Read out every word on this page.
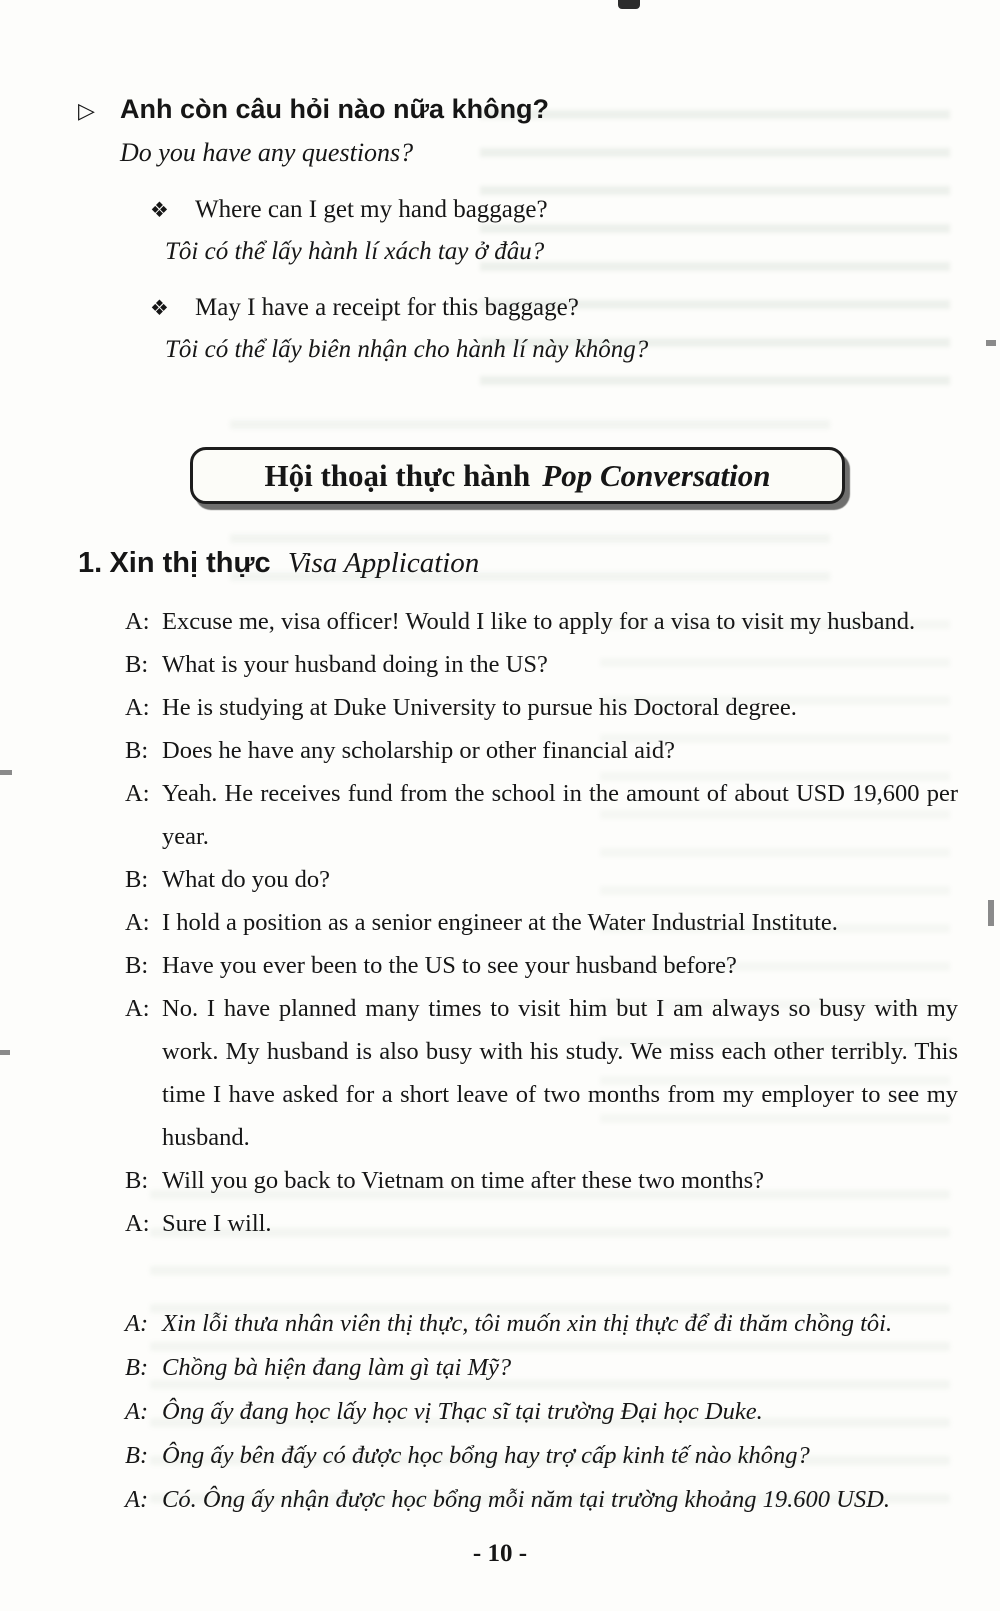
▷ Anh còn câu hỏi nào nữa không?
Do you have any questions?
❖ Where can I get my hand baggage?
Tôi có thể lấy hành lí xách tay ở đâu?
❖ May I have a receipt for this baggage?
Tôi có thể lấy biên nhận cho hành lí này không?
Hội thoại thực hành Pop Conversation
1. Xin thị thực Visa Application
A: Excuse me, visa officer! Would I like to apply for a visa to visit my husband.
B: What is your husband doing in the US?
A: He is studying at Duke University to pursue his Doctoral degree.
B: Does he have any scholarship or other financial aid?
A: Yeah. He receives fund from the school in the amount of about USD 19,600 per year.
B: What do you do?
A: I hold a position as a senior engineer at the Water Industrial Institute.
B: Have you ever been to the US to see your husband before?
A: No. I have planned many times to visit him but I am always so busy with my work. My husband is also busy with his study. We miss each other terribly. This time I have asked for a short leave of two months from my employer to see my husband.
B: Will you go back to Vietnam on time after these two months?
A: Sure I will.
A: Xin lỗi thưa nhân viên thị thực, tôi muốn xin thị thực để đi thăm chồng tôi.
B: Chồng bà hiện đang làm gì tại Mỹ?
A: Ông ấy đang học lấy học vị Thạc sĩ tại trường Đại học Duke.
B: Ông ấy bên đấy có được học bổng hay trợ cấp kinh tế nào không?
A: Có. Ông ấy nhận được học bổng mỗi năm tại trường khoảng 19.600 USD.
- 10 -
